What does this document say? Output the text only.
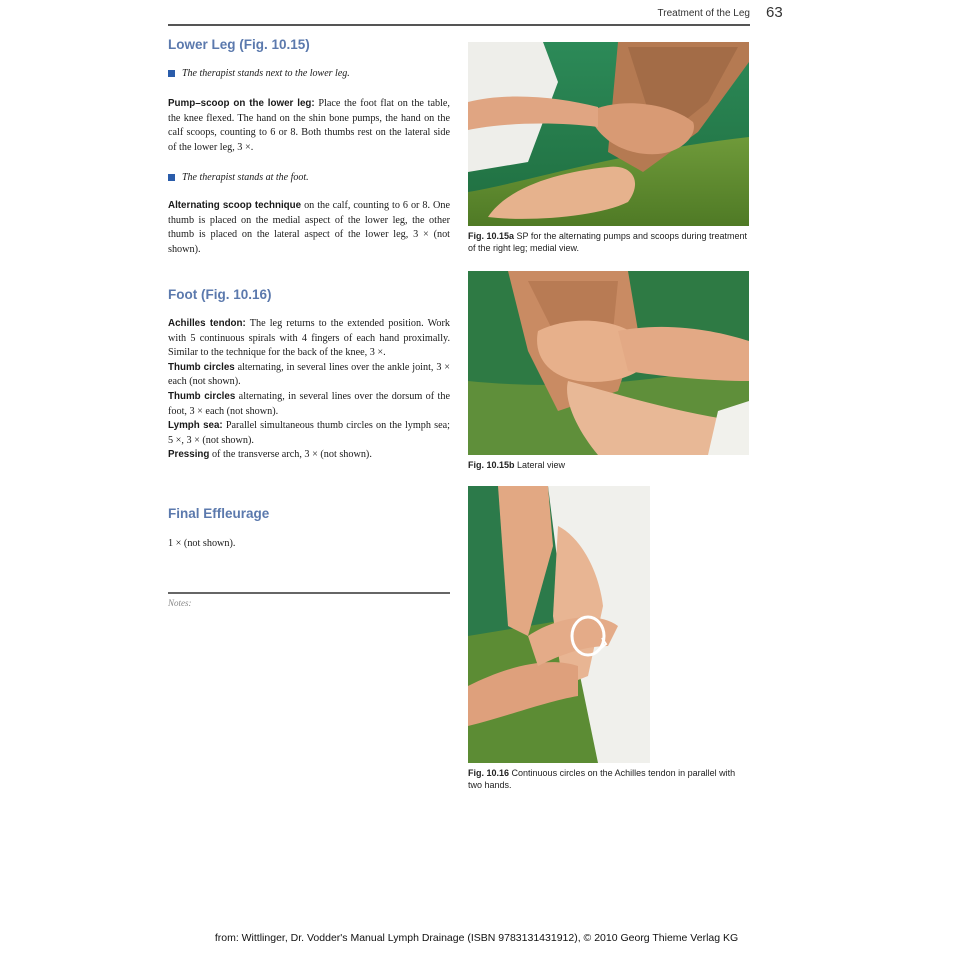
Treatment of the Leg 63
Lower Leg (Fig. 10.15)
The therapist stands next to the lower leg.

Pump–scoop on the lower leg: Place the foot flat on the table, the knee flexed. The hand on the shin bone pumps, the hand on the calf scoops, counting to 6 or 8. Both thumbs rest on the lateral side of the lower leg, 3 ×.

The therapist stands at the foot.

Alternating scoop technique on the calf, counting to 6 or 8. One thumb is placed on the medial aspect of the lower leg, the other thumb is placed on the lateral aspect of the lower leg, 3 × (not shown).

Foot (Fig. 10.16)

Achilles tendon: The leg returns to the extended position. Work with 5 continuous spirals with 4 fingers of each hand proximally. Similar to the technique for the back of the knee, 3 ×.
Thumb circles alternating, in several lines over the ankle joint, 3 × each (not shown).
Thumb circles alternating, in several lines over the dorsum of the foot, 3 × each (not shown).
Lymph sea: Parallel simultaneous thumb circles on the lymph sea; 5 ×, 3 × (not shown).
Pressing of the transverse arch, 3 × (not shown).

Final Effleurage

1 × (not shown).

Notes:
Fig. 10.15a SP for the alternating pumps and scoops during treatment of the right leg; medial view.
Fig. 10.15b Lateral view
Fig. 10.16 Continuous circles on the Achilles tendon in parallel with two hands.
from: Wittlinger, Dr. Vodder's Manual Lymph Drainage (ISBN 9783131431912), © 2010 Georg Thieme Verlag KG
